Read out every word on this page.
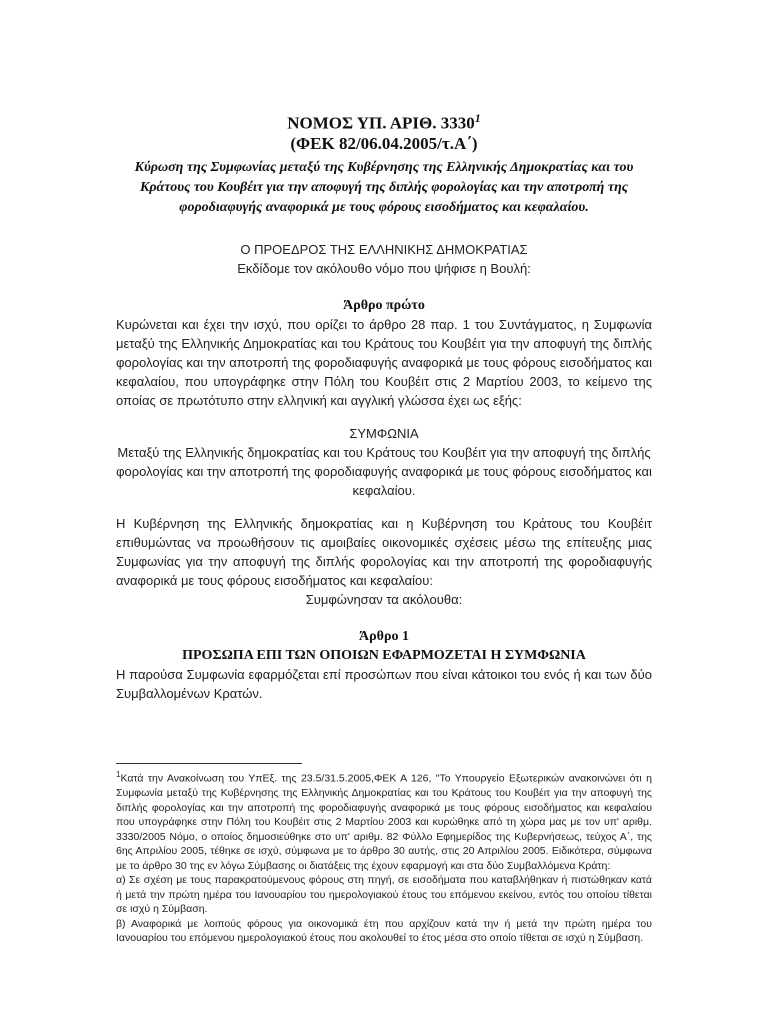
ΝΟΜΟΣ ΥΠ. ΑΡΙΘ. 3330$^1$

(ΦΕΚ 82/06.04.2005/τ.Α΄)

Κύρωση της Συμφωνίας μεταξύ της Κυβέρνησης της Ελληνικής Δημοκρατίας και του Κράτους του Κουβέιτ για την αποφυγή της διπλής φορολογίας και την αποτροπή της φοροδιαφυγής αναφορικά με τους φόρους εισοδήματος και κεφαλαίου.

Ο ΠΡΟΕΔΡΟΣ ΤΗΣ ΕΛΛΗΝΙΚΗΣ ΔΗΜΟΚΡΑΤΙΑΣ

Εκδίδομε τον ακόλουθο νόμο που ψήφισε η Βουλή:

Άρθρο πρώτο

Κυρώνεται και έχει την ισχύ, που ορίζει το άρθρο 28 παρ. 1 του Συντάγματος, η Συμφωνία μεταξύ της Ελληνικής Δημοκρατίας και του Κράτους του Κουβέιτ για την αποφυγή της διπλής φορολογίας και την αποτροπή της φοροδιαφυγής αναφορικά με τους φόρους εισοδήματος και κεφαλαίου, που υπογράφηκε στην Πόλη του Κουβέιτ στις 2 Μαρτίου 2003, το κείμενο της οποίας σε πρωτότυπο στην ελληνική και αγγλική γλώσσα έχει ως εξής:

ΣΥΜΦΩΝΙΑ

Μεταξύ της Ελληνικής δημοκρατίας και του Κράτους του Κουβέιτ για την αποφυγή της διπλής φορολογίας και την αποτροπή της φοροδιαφυγής αναφορικά με τους φόρους εισοδήματος και κεφαλαίου.

Η Κυβέρνηση της Ελληνικής δημοκρατίας και η Κυβέρνηση του Κράτους του Κουβέιτ επιθυμώντας να προωθήσουν τις αμοιβαίες οικονομικές σχέσεις μέσω της επίτευξης μιας Συμφωνίας για την αποφυγή της διπλής φορολογίας και την αποτροπή της φοροδιαφυγής αναφορικά με τους φόρους εισοδήματος και κεφαλαίου:

Συμφώνησαν τα ακόλουθα:

Άρθρο 1

ΠΡΟΣΩΠΑ ΕΠΙ ΤΩΝ ΟΠΟΙΩΝ ΕΦΑΡΜΟΖΕΤΑΙ Η ΣΥΜΦΩΝΙΑ

Η παρούσα Συμφωνία εφαρμόζεται επί προσώπων που είναι κάτοικοι του ενός ή και των δύο Συμβαλλομένων Κρατών.

$^1$Κατά την Ανακοίνωση του ΥπΕξ. της 23.5/31.5.2005,ΦΕΚ Α 126, "Το Υπουργείο Εξωτερικών ανακοινώνει ότι η Συμφωνία μεταξύ της Κυβέρνησης της Ελληνικής Δημοκρατίας και του Κράτους του Κουβέιτ για την αποφυγή της διπλής φορολογίας και την αποτροπή της φοροδιαφυγής αναφορικά με τους φόρους εισοδήματος και κεφαλαίου που υπογράφηκε στην Πόλη του Κουβέιτ στις 2 Μαρτίου 2003 και κυρώθηκε από τη χώρα μας με τον υπ' αριθμ. 3330/2005 Νόμο, ο οποίος δημοσιεύθηκε στο υπ' αριθμ. 82 Φύλλο Εφημερίδος της Κυβερνήσεως, τεύχος Α΄, της 6ης Απριλίου 2005, τέθηκε σε ισχύ, σύμφωνα με το άρθρο 30 αυτής, στις 20 Απριλίου 2005. Ειδικότερα, σύμφωνα με το άρθρο 30 της εν λόγω Σύμβασης οι διατάξεις της έχουν εφαρμογή και στα δύο Συμβαλλόμενα Κράτη:

α) Σε σχέση με τους παρακρατούμενους φόρους στη πηγή, σε εισοδήματα που καταβλήθηκαν ή πιστώθηκαν κατά ή μετά την πρώτη ημέρα του Ιανουαρίου του ημερολογιακού έτους του επόμενου εκείνου, εντός του οποίου τίθεται σε ισχύ η Σύμβαση.

β) Αναφορικά με λοιπούς φόρους για οικονομικά έτη που αρχίζουν κατά την ή μετά την πρώτη ημέρα του Ιανουαρίου του επόμενου ημερολογιακού έτους που ακολουθεί το έτος μέσα στο οποίο τίθεται σε ισχύ η Σύμβαση.
